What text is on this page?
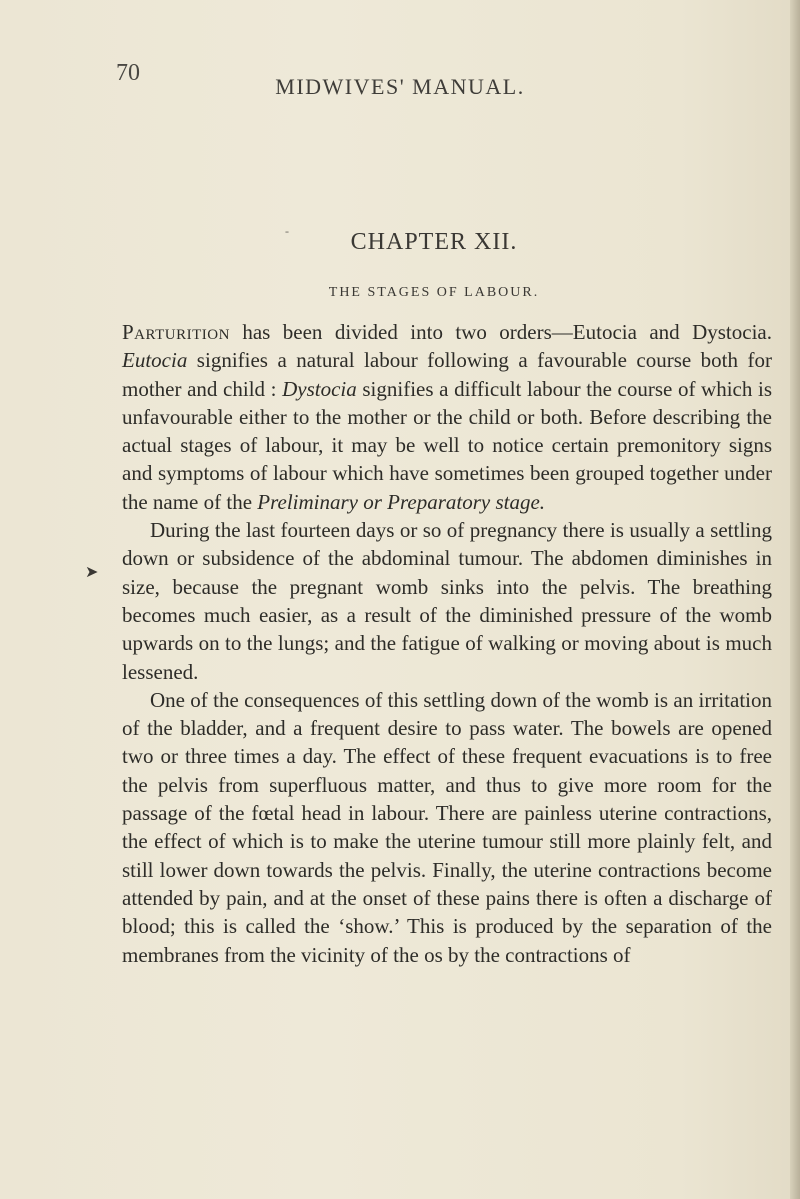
70
MIDWIVES' MANUAL.
-	CHAPTER XII.
THE STAGES OF LABOUR.
➤

Parturition has been divided into two orders—Eutocia and Dystocia. Eutocia signifies a natural labour following a favourable course both for mother and child : Dystocia signifies a difficult labour the course of which is unfavourable either to the mother or the child or both. Before describing the actual stages of labour, it may be well to notice certain premonitory signs and symptoms of labour which have sometimes been grouped together under the name of the Preliminary or Preparatory stage.

During the last fourteen days or so of pregnancy there is usually a settling down or subsidence of the abdominal tumour. The abdomen diminishes in size, because the pregnant womb sinks into the pelvis. The breathing becomes much easier, as a result of the diminished pressure of the womb upwards on to the lungs; and the fatigue of walking or moving about is much lessened.

One of the consequences of this settling down of the womb is an irritation of the bladder, and a frequent desire to pass water. The bowels are opened two or three times a day. The effect of these frequent evacuations is to free the pelvis from superfluous matter, and thus to give more room for the passage of the fœtal head in labour. There are painless uterine contractions, the effect of which is to make the uterine tumour still more plainly felt, and still lower down towards the pelvis. Finally, the uterine contractions become attended by pain, and at the onset of these pains there is often a discharge of blood; this is called the ‘show.’ This is produced by the separation of the membranes from the vicinity of the os by the contractions of
